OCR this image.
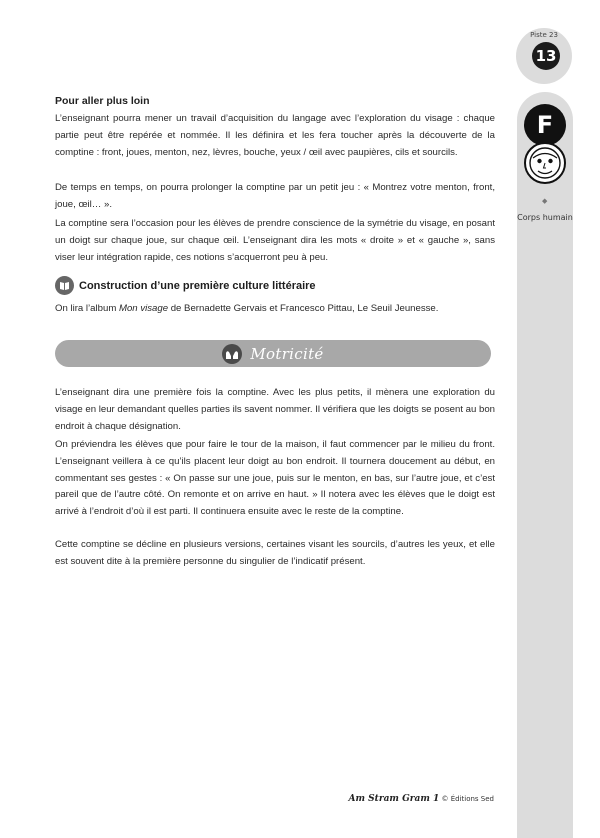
Piste 23
13
F
◆
Corps humain
Pour aller plus loin
L’enseignant pourra mener un travail d’acquisition du langage avec l’exploration du visage : chaque partie peut être repérée et nommée. Il les définira et les fera toucher après la découverte de la comptine : front, joues, menton, nez, lèvres, bouche, yeux / œil avec paupières, cils et sourcils.
De temps en temps, on pourra prolonger la comptine par un petit jeu : « Montrez votre menton, front, joue, œil… ».
La comptine sera l’occasion pour les élèves de prendre conscience de la symétrie du visage, en posant un doigt sur chaque joue, sur chaque œil. L’enseignant dira les mots « droite » et « gauche », sans viser leur intégration rapide, ces notions s’acquerront peu à peu.
Construction d’une première culture littéraire
On lira l’album Mon visage de Bernadette Gervais et Francesco Pittau, Le Seuil Jeunesse.
Motricité
L’enseignant dira une première fois la comptine. Avec les plus petits, il mènera une exploration du visage en leur demandant quelles parties ils savent nommer. Il vérifiera que les doigts se posent au bon endroit à chaque désignation.
On préviendra les élèves que pour faire le tour de la maison, il faut commencer par le milieu du front. L’enseignant veillera à ce qu’ils placent leur doigt au bon endroit. Il tournera doucement au début, en commentant ses gestes : « On passe sur une joue, puis sur le menton, en bas, sur l’autre joue, et c’est pareil que de l’autre côté. On remonte et on arrive en haut. » Il notera avec les élèves que le doigt est arrivé à l’endroit d’où il est parti. Il continuera ensuite avec le reste de la comptine.
Cette comptine se décline en plusieurs versions, certaines visant les sourcils, d’autres les yeux, et elle est souvent dite à la première personne du singulier de l’indicatif présent.
Am Stram Gram 1 © Éditions Sed
